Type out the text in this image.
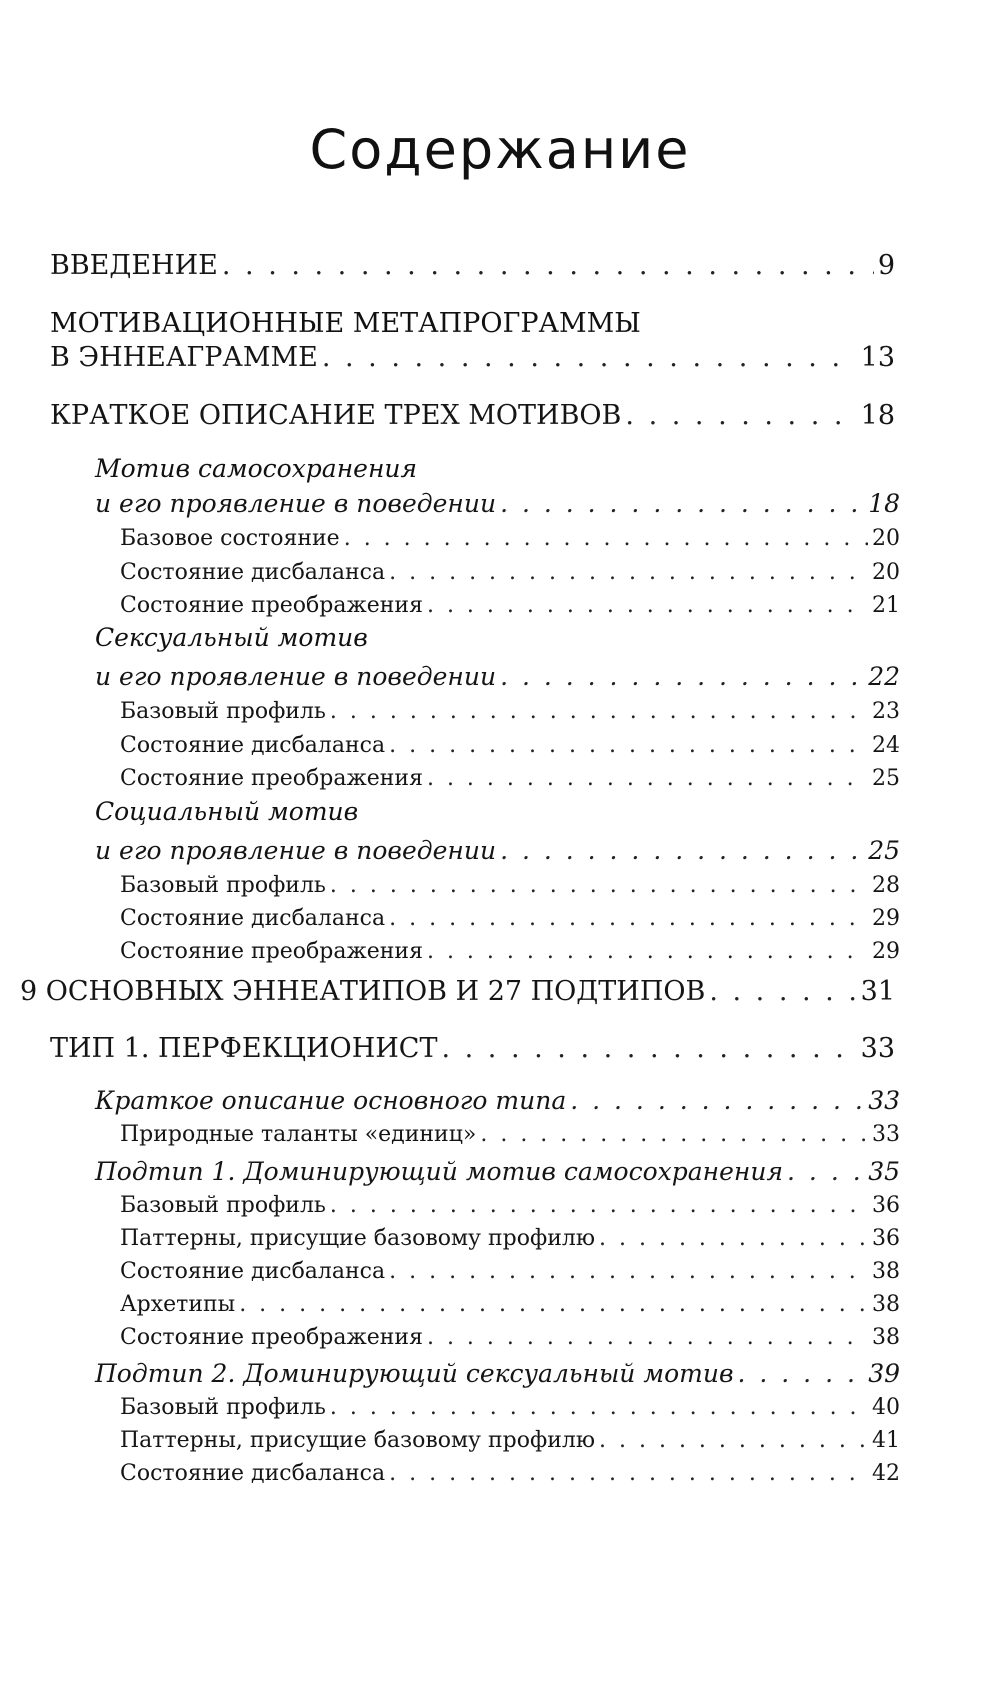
Содержание
ВВЕДЕНИЕ . . .	9
МОТИВАЦИОННЫЕ МЕТАПРОГРАММЫ
В ЭННЕАГРАММЕ . . .	13
КРАТКОЕ ОПИСАНИЕ ТРЕХ МОТИВОВ . . .	18
Мотив самосохранения
и его проявление в поведении . . .	18
Базовое состояние . . .	20
Состояние дисбаланса . . .	20
Состояние преображения . . .	21
Сексуальный мотив
и его проявление в поведении . . .	22
Базовый профиль . . .	23
Состояние дисбаланса . . .	24
Состояние преображения . . .	25
Социальный мотив
и его проявление в поведении . . .	25
Базовый профиль . . .	28
Состояние дисбаланса . . .	29
Состояние преображения . . .	29
9 ОСНОВНЫХ ЭННЕАТИПОВ И 27 ПОДТИПОВ . . .	31
ТИП 1. ПЕРФЕКЦИОНИСТ . . .	33
Краткое описание основного типа . . .	33
Природные таланты «единиц» . . .	33
Подтип 1. Доминирующий мотив самосохранения . . .	35
Базовый профиль . . .	36
Паттерны, присущие базовому профилю . . .	36
Состояние дисбаланса . . .	38
Архетипы . . .	38
Состояние преображения . . .	38
Подтип 2. Доминирующий сексуальный мотив . . .	39
Базовый профиль . . .	40
Паттерны, присущие базовому профилю . . .	41
Состояние дисбаланса . . .	42
